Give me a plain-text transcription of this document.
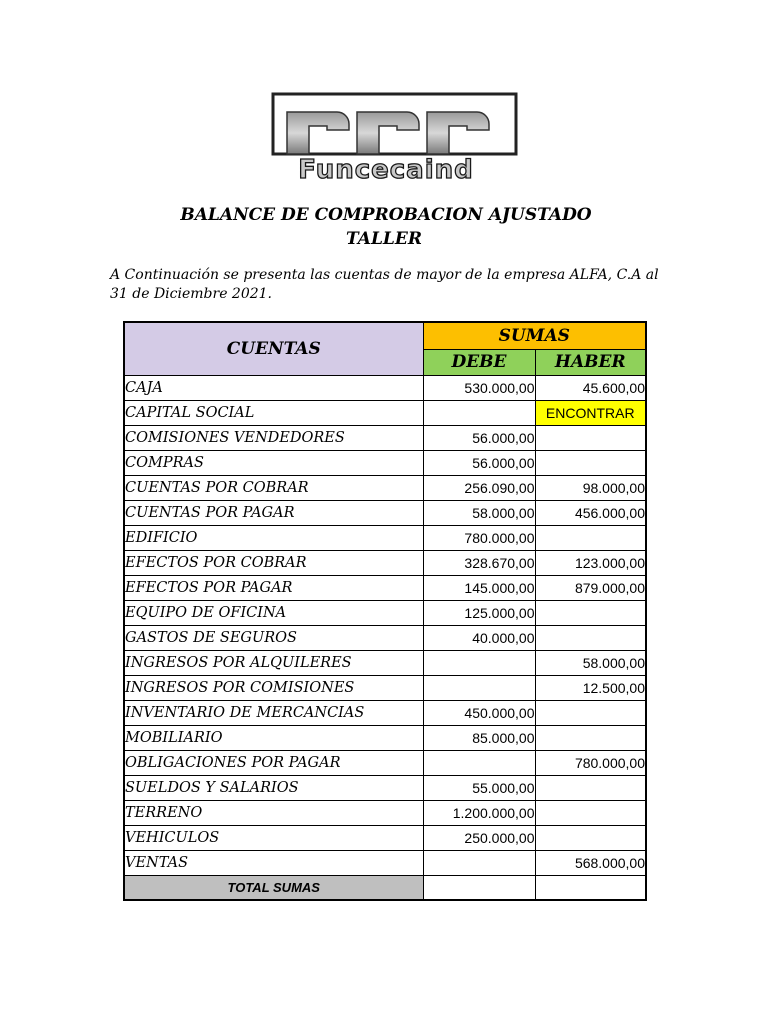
Funcecaind
BALANCE DE COMPROBACION AJUSTADO
TALLER
A Continuación se presenta las cuentas de mayor de la empresa ALFA, C.A al 31 de Diciembre 2021.
CUENTAS	SUMAS	
	DEBE	HABER
CAJA	530.000,00	45.600,00
CAPITAL SOCIAL		ENCONTRAR
COMISIONES VENDEDORES	56.000,00	
COMPRAS	56.000,00	
CUENTAS POR COBRAR	256.090,00	98.000,00
CUENTAS POR PAGAR	58.000,00	456.000,00
EDIFICIO	780.000,00	
EFECTOS POR COBRAR	328.670,00	123.000,00
EFECTOS POR PAGAR	145.000,00	879.000,00
EQUIPO DE OFICINA	125.000,00	
GASTOS DE SEGUROS	40.000,00	
INGRESOS POR ALQUILERES		58.000,00
INGRESOS POR COMISIONES		12.500,00
INVENTARIO DE MERCANCIAS	450.000,00	
MOBILIARIO	85.000,00	
OBLIGACIONES POR PAGAR		780.000,00
SUELDOS Y SALARIOS	55.000,00	
TERRENO	1.200.000,00	
VEHICULOS	250.000,00	
VENTAS		568.000,00
TOTAL SUMAS		
